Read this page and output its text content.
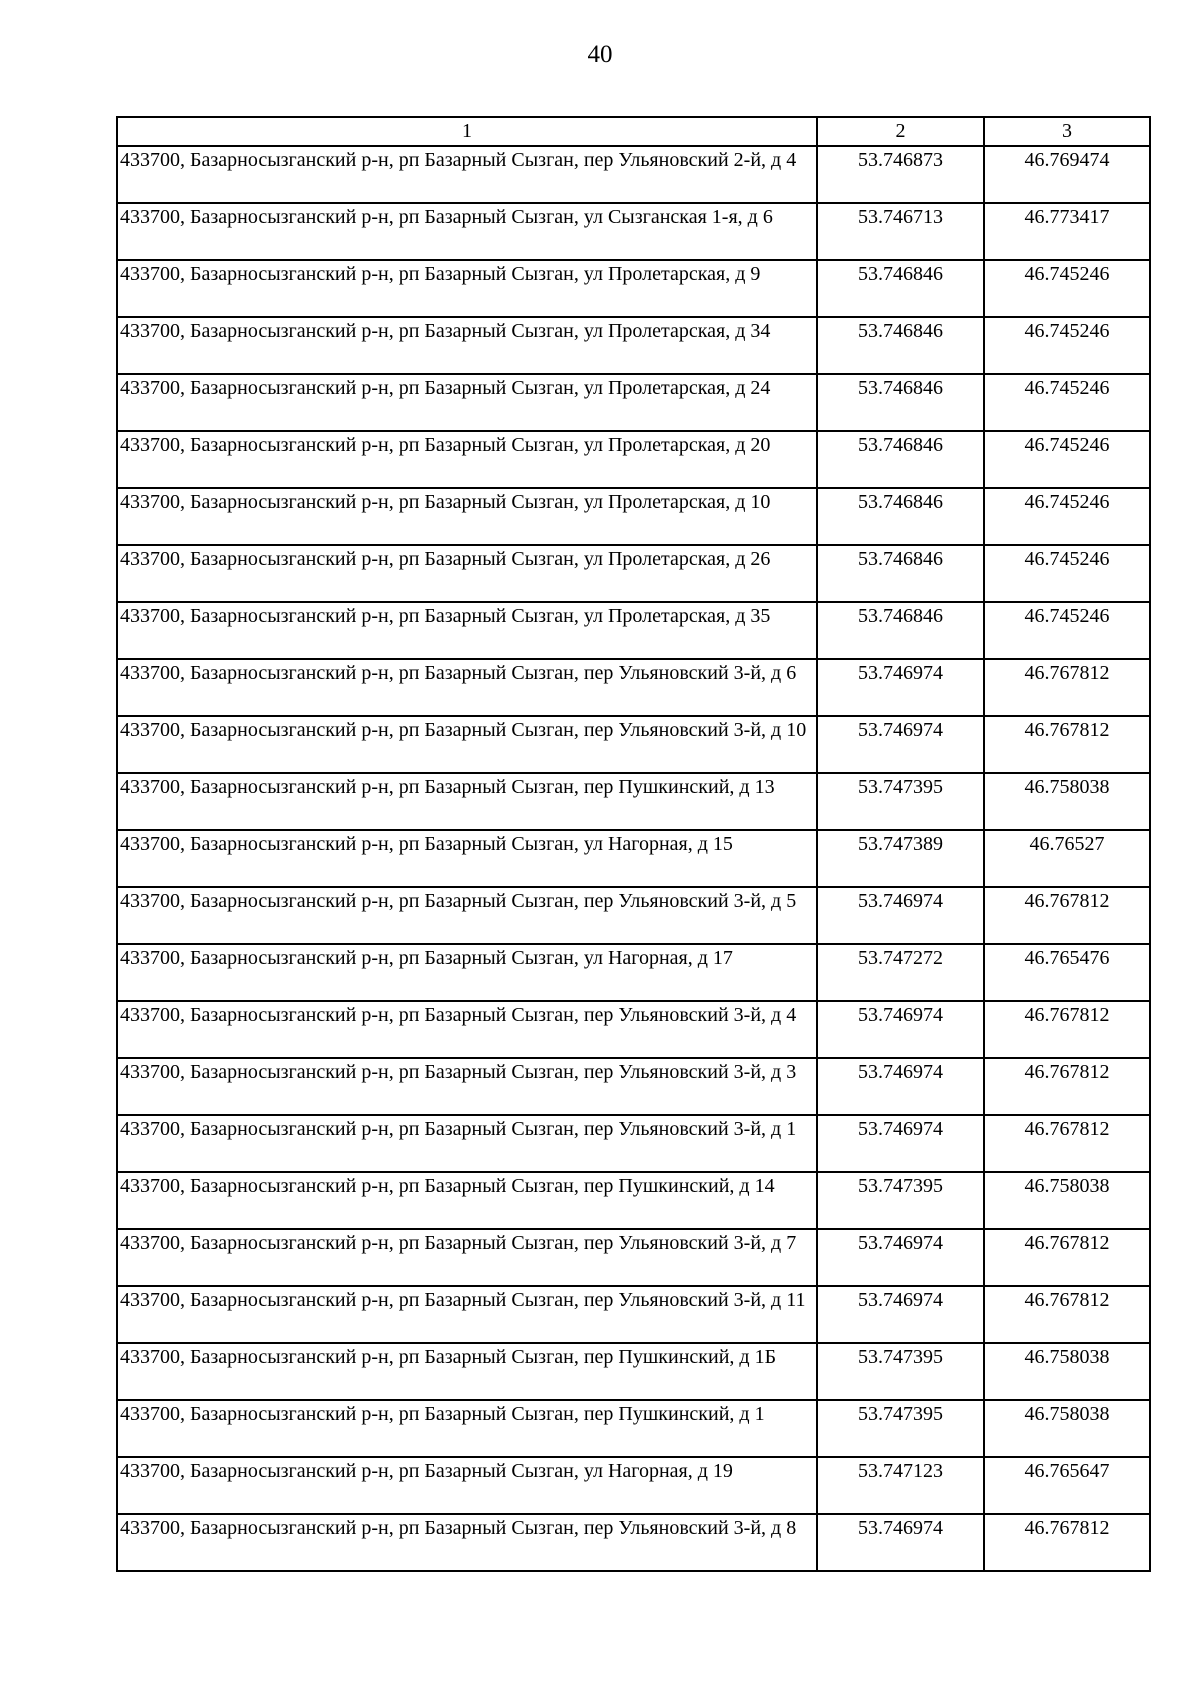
40
1	2	3
433700, Базарносызганский р-н, рп Базарный Сызган, пер Ульяновский 2-й, д 4	53.746873	46.769474
433700, Базарносызганский р-н, рп Базарный Сызган, ул Сызганская 1-я, д 6	53.746713	46.773417
433700, Базарносызганский р-н, рп Базарный Сызган, ул Пролетарская, д 9	53.746846	46.745246
433700, Базарносызганский р-н, рп Базарный Сызган, ул Пролетарская, д 34	53.746846	46.745246
433700, Базарносызганский р-н, рп Базарный Сызган, ул Пролетарская, д 24	53.746846	46.745246
433700, Базарносызганский р-н, рп Базарный Сызган, ул Пролетарская, д 20	53.746846	46.745246
433700, Базарносызганский р-н, рп Базарный Сызган, ул Пролетарская, д 10	53.746846	46.745246
433700, Базарносызганский р-н, рп Базарный Сызган, ул Пролетарская, д 26	53.746846	46.745246
433700, Базарносызганский р-н, рп Базарный Сызган, ул Пролетарская, д 35	53.746846	46.745246
433700, Базарносызганский р-н, рп Базарный Сызган, пер Ульяновский 3-й, д 6	53.746974	46.767812
433700, Базарносызганский р-н, рп Базарный Сызган, пер Ульяновский 3-й, д 10	53.746974	46.767812
433700, Базарносызганский р-н, рп Базарный Сызган, пер Пушкинский, д 13	53.747395	46.758038
433700, Базарносызганский р-н, рп Базарный Сызган, ул Нагорная, д 15	53.747389	46.76527
433700, Базарносызганский р-н, рп Базарный Сызган, пер Ульяновский 3-й, д 5	53.746974	46.767812
433700, Базарносызганский р-н, рп Базарный Сызган, ул Нагорная, д 17	53.747272	46.765476
433700, Базарносызганский р-н, рп Базарный Сызган, пер Ульяновский 3-й, д 4	53.746974	46.767812
433700, Базарносызганский р-н, рп Базарный Сызган, пер Ульяновский 3-й, д 3	53.746974	46.767812
433700, Базарносызганский р-н, рп Базарный Сызган, пер Ульяновский 3-й, д 1	53.746974	46.767812
433700, Базарносызганский р-н, рп Базарный Сызган, пер Пушкинский, д 14	53.747395	46.758038
433700, Базарносызганский р-н, рп Базарный Сызган, пер Ульяновский 3-й, д 7	53.746974	46.767812
433700, Базарносызганский р-н, рп Базарный Сызган, пер Ульяновский 3-й, д 11	53.746974	46.767812
433700, Базарносызганский р-н, рп Базарный Сызган, пер Пушкинский, д 1Б	53.747395	46.758038
433700, Базарносызганский р-н, рп Базарный Сызган, пер Пушкинский, д 1	53.747395	46.758038
433700, Базарносызганский р-н, рп Базарный Сызган, ул Нагорная, д 19	53.747123	46.765647
433700, Базарносызганский р-н, рп Базарный Сызган, пер Ульяновский 3-й, д 8	53.746974	46.767812
